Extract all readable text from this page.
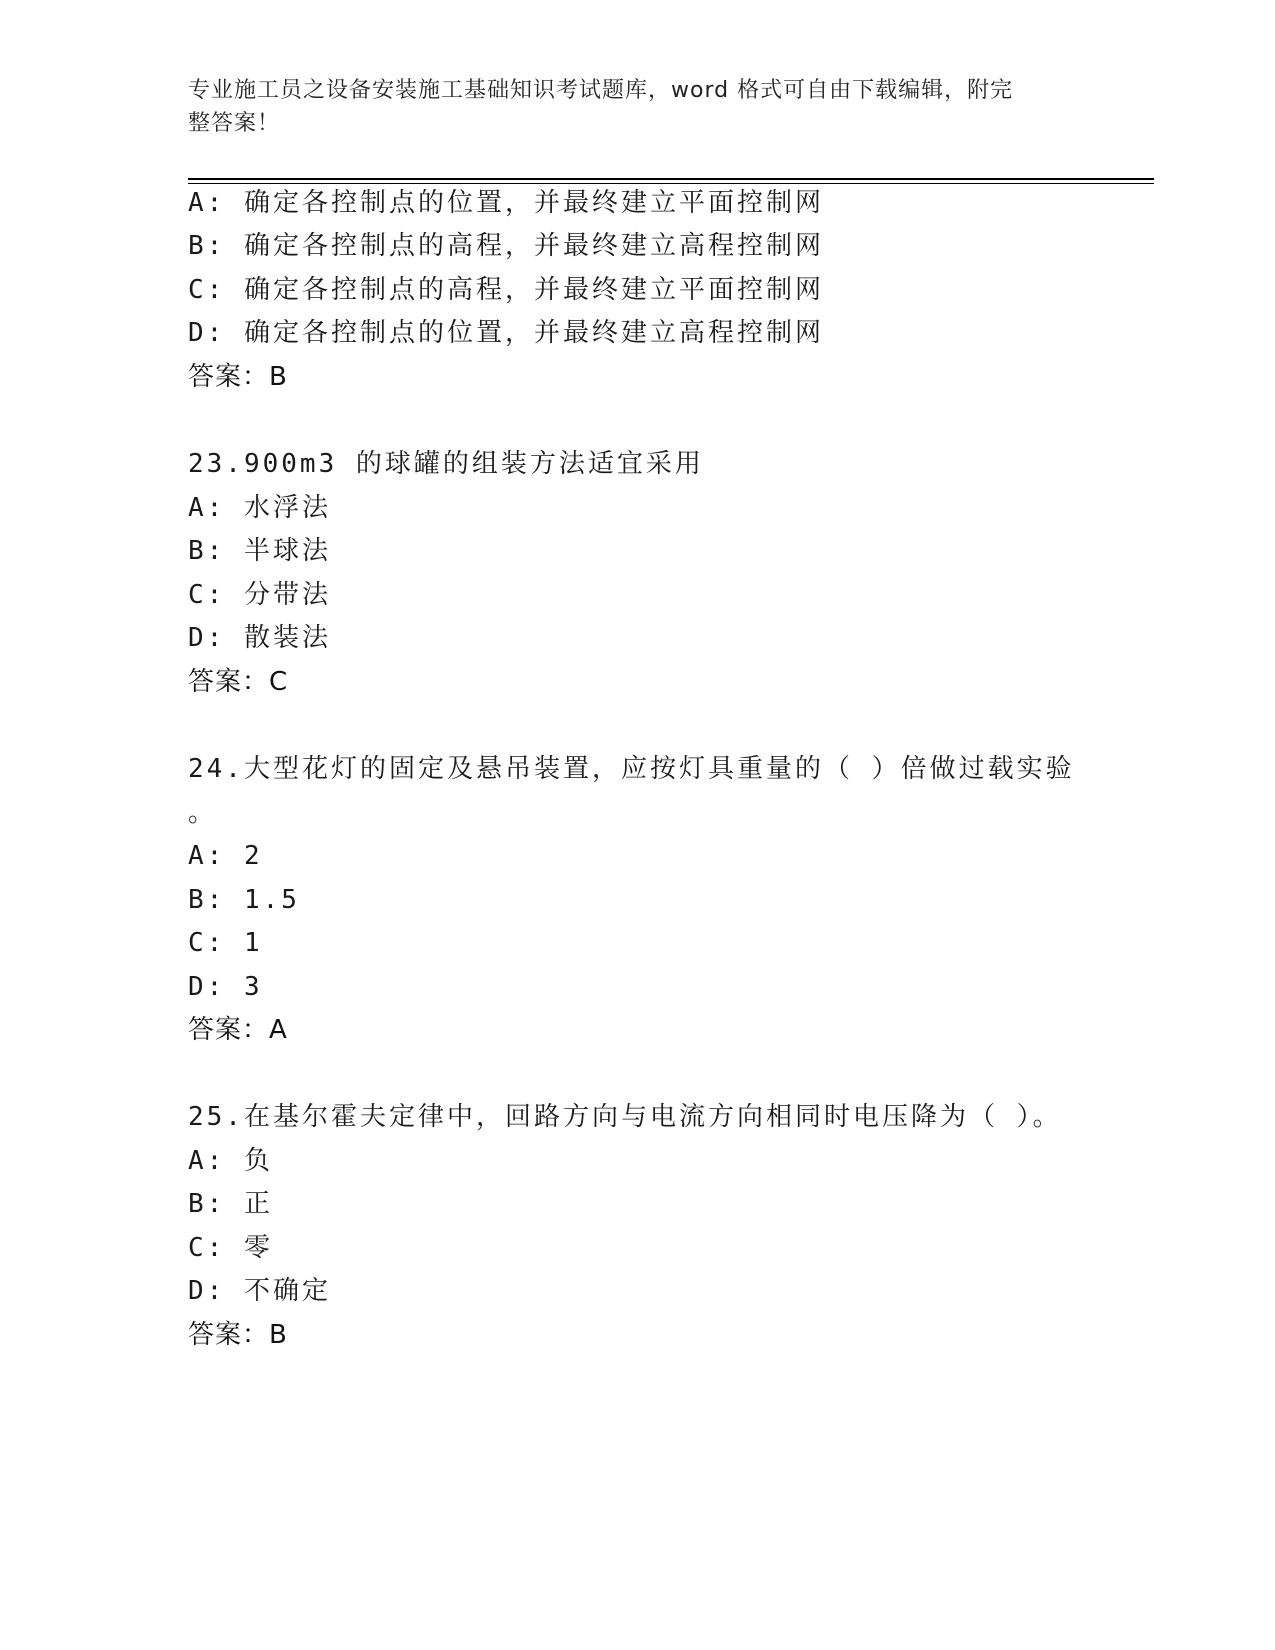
专业施工员之设备安装施工基础知识考试题库，word 格式可自由下载编辑，附完
整答案！
A: 确定各控制点的位置，并最终建立平面控制网
B: 确定各控制点的高程，并最终建立高程控制网
C: 确定各控制点的高程，并最终建立平面控制网
D: 确定各控制点的位置，并最终建立高程控制网
答案：B
23.900m3 的球罐的组装方法适宜采用
A: 水浮法
B: 半球法
C: 分带法
D: 散装法
答案：C
24.大型花灯的固定及悬吊装置，应按灯具重量的（ ）倍做过载实验
。
A: 2
B: 1.5
C: 1
D: 3
答案：A
25.在基尔霍夫定律中，回路方向与电流方向相同时电压降为（ ）。
A: 负
B: 正
C: 零
D: 不确定
答案：B
